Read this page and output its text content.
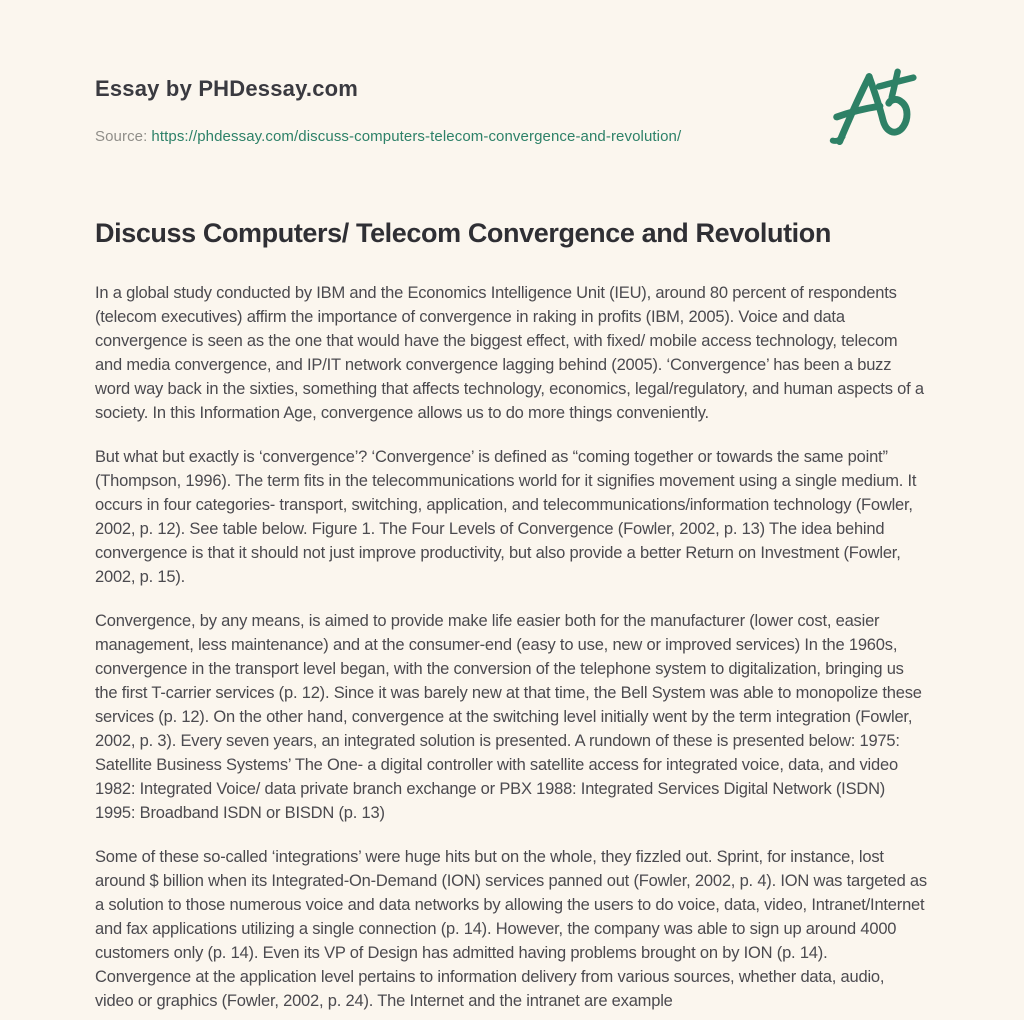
Essay by PHDessay.com
Source: https://phdessay.com/discuss-computers-telecom-convergence-and-revolution/
Discuss Computers/ Telecom Convergence and Revolution

In a global study conducted by IBM and the Economics Intelligence Unit (IEU), around 80 percent of respondents (telecom executives) affirm the importance of convergence in raking in profits (IBM, 2005). Voice and data convergence is seen as the one that would have the biggest effect, with fixed/ mobile access technology, telecom and media convergence, and IP/IT network convergence lagging behind (2005). ‘Convergence’ has been a buzz word way back in the sixties, something that affects technology, economics, legal/regulatory, and human aspects of a society. In this Information Age, convergence allows us to do more things conveniently.

But what but exactly is ‘convergence’? ‘Convergence’ is defined as “coming together or towards the same point” (Thompson, 1996). The term fits in the telecommunications world for it signifies movement using a single medium. It occurs in four categories- transport, switching, application, and telecommunications/information technology (Fowler, 2002, p. 12). See table below. Figure 1. The Four Levels of Convergence (Fowler, 2002, p. 13) The idea behind convergence is that it should not just improve productivity, but also provide a better Return on Investment (Fowler, 2002, p. 15).

Convergence, by any means, is aimed to provide make life easier both for the manufacturer (lower cost, easier management, less maintenance) and at the consumer-end (easy to use, new or improved services) In the 1960s, convergence in the transport level began, with the conversion of the telephone system to digitalization, bringing us the first T-carrier services (p. 12). Since it was barely new at that time, the Bell System was able to monopolize these services (p. 12). On the other hand, convergence at the switching level initially went by the term integration (Fowler, 2002, p. 3). Every seven years, an integrated solution is presented. A rundown of these is presented below: 1975: Satellite Business Systems’ The One- a digital controller with satellite access for integrated voice, data, and video 1982: Integrated Voice/ data private branch exchange or PBX 1988: Integrated Services Digital Network (ISDN) 1995: Broadband ISDN or BISDN (p. 13)

Some of these so-called ‘integrations’ were huge hits but on the whole, they fizzled out. Sprint, for instance, lost around $ billion when its Integrated-On-Demand (ION) services panned out (Fowler, 2002, p. 4). ION was targeted as a solution to those numerous voice and data networks by allowing the users to do voice, data, video, Intranet/Internet and fax applications utilizing a single connection (p. 14). However, the company was able to sign up around 4000 customers only (p. 14). Even its VP of Design has admitted having problems brought on by ION (p. 14). Convergence at the application level pertains to information delivery from various sources, whether data, audio, video or graphics (Fowler, 2002, p. 24). The Internet and the intranet are example
